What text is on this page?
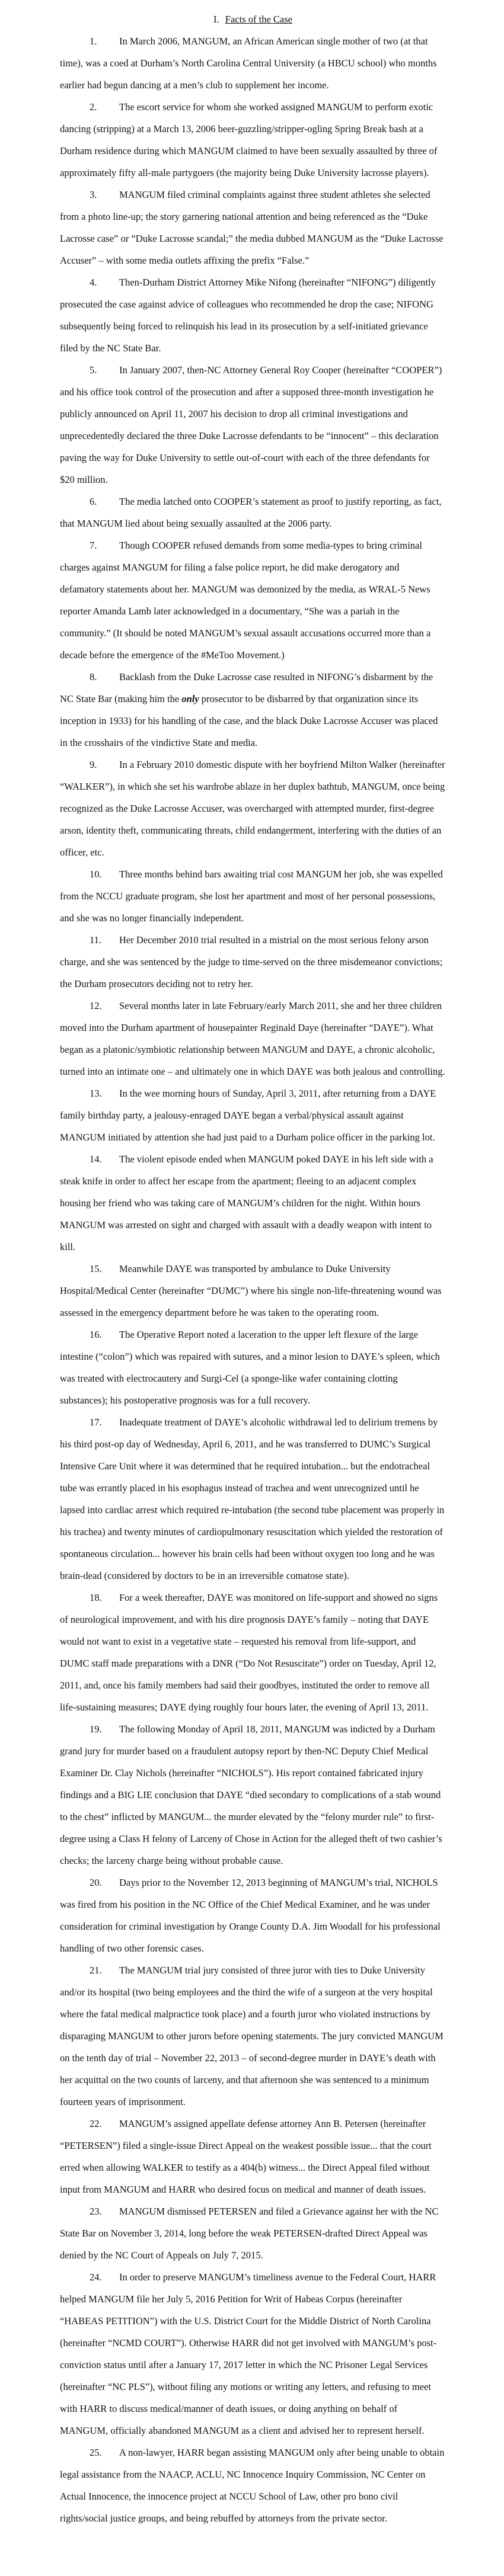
I. Facts of the Case

1. In March 2006, MANGUM, an African American single mother of two (at that time), was a coed at Durham’s North Carolina Central University (a HBCU school) who months earlier had begun dancing at a men’s club to supplement her income.

2. The escort service for whom she worked assigned MANGUM to perform exotic dancing (stripping) at a March 13, 2006 beer-guzzling/stripper-ogling Spring Break bash at a Durham residence during which MANGUM claimed to have been sexually assaulted by three of approximately fifty all-male partygoers (the majority being Duke University lacrosse players).

3. MANGUM filed criminal complaints against three student athletes she selected from a photo line-up; the story garnering national attention and being referenced as the “Duke Lacrosse case” or “Duke Lacrosse scandal;” the media dubbed MANGUM as the “Duke Lacrosse Accuser” – with some media outlets affixing the prefix “False.”

4. Then-Durham District Attorney Mike Nifong (hereinafter “NIFONG”) diligently prosecuted the case against advice of colleagues who recommended he drop the case; NIFONG subsequently being forced to relinquish his lead in its prosecution by a self-initiated grievance filed by the NC State Bar.

5. In January 2007, then-NC Attorney General Roy Cooper (hereinafter “COOPER”) and his office took control of the prosecution and after a supposed three-month investigation he publicly announced on April 11, 2007 his decision to drop all criminal investigations and unprecedentedly declared the three Duke Lacrosse defendants to be “innocent” – this declaration paving the way for Duke University to settle out-of-court with each of the three defendants for $20 million.

6. The media latched onto COOPER’s statement as proof to justify reporting, as fact, that MANGUM lied about being sexually assaulted at the 2006 party.

7. Though COOPER refused demands from some media-types to bring criminal charges against MANGUM for filing a false police report, he did make derogatory and defamatory statements about her. MANGUM was demonized by the media, as WRAL-5 News reporter Amanda Lamb later acknowledged in a documentary, “She was a pariah in the community.” (It should be noted MANGUM’s sexual assault accusations occurred more than a decade before the emergence of the #MeToo Movement.)

8. Backlash from the Duke Lacrosse case resulted in NIFONG’s disbarment by the NC State Bar (making him the only prosecutor to be disbarred by that organization since its inception in 1933) for his handling of the case, and the black Duke Lacrosse Accuser was placed in the crosshairs of the vindictive State and media.

9. In a February 2010 domestic dispute with her boyfriend Milton Walker (hereinafter “WALKER”), in which she set his wardrobe ablaze in her duplex bathtub, MANGUM, once being recognized as the Duke Lacrosse Accuser, was overcharged with attempted murder, first-degree arson, identity theft, communicating threats, child endangerment, interfering with the duties of an officer, etc.

10. Three months behind bars awaiting trial cost MANGUM her job, she was expelled from the NCCU graduate program, she lost her apartment and most of her personal possessions, and she was no longer financially independent.

11. Her December 2010 trial resulted in a mistrial on the most serious felony arson charge, and she was sentenced by the judge to time-served on the three misdemeanor convictions; the Durham prosecutors deciding not to retry her.

12. Several months later in late February/early March 2011, she and her three children moved into the Durham apartment of housepainter Reginald Daye (hereinafter “DAYE”). What began as a platonic/symbiotic relationship between MANGUM and DAYE, a chronic alcoholic, turned into an intimate one – and ultimately one in which DAYE was both jealous and controlling.

13. In the wee morning hours of Sunday, April 3, 2011, after returning from a DAYE family birthday party, a jealousy-enraged DAYE began a verbal/physical assault against MANGUM initiated by attention she had just paid to a Durham police officer in the parking lot.

14. The violent episode ended when MANGUM poked DAYE in his left side with a steak knife in order to affect her escape from the apartment; fleeing to an adjacent complex housing her friend who was taking care of MANGUM’s children for the night. Within hours MANGUM was arrested on sight and charged with assault with a deadly weapon with intent to kill.

15. Meanwhile DAYE was transported by ambulance to Duke University Hospital/Medical Center (hereinafter “DUMC”) where his single non-life-threatening wound was assessed in the emergency department before he was taken to the operating room.

16. The Operative Report noted a laceration to the upper left flexure of the large intestine (“colon”) which was repaired with sutures, and a minor lesion to DAYE’s spleen, which was treated with electrocautery and Surgi-Cel (a sponge-like wafer containing clotting substances); his postoperative prognosis was for a full recovery.

17. Inadequate treatment of DAYE’s alcoholic withdrawal led to delirium tremens by his third post-op day of Wednesday, April 6, 2011, and he was transferred to DUMC’s Surgical Intensive Care Unit where it was determined that he required intubation... but the endotracheal tube was errantly placed in his esophagus instead of trachea and went unrecognized until he lapsed into cardiac arrest which required re-intubation (the second tube placement was properly in his trachea) and twenty minutes of cardiopulmonary resuscitation which yielded the restoration of spontaneous circulation... however his brain cells had been without oxygen too long and he was brain-dead (considered by doctors to be in an irreversible comatose state).

18. For a week thereafter, DAYE was monitored on life-support and showed no signs of neurological improvement, and with his dire prognosis DAYE’s family – noting that DAYE would not want to exist in a vegetative state – requested his removal from life-support, and DUMC staff made preparations with a DNR (“Do Not Resuscitate”) order on Tuesday, April 12, 2011, and, once his family members had said their goodbyes, instituted the order to remove all life-sustaining measures; DAYE dying roughly four hours later, the evening of April 13, 2011.

19. The following Monday of April 18, 2011, MANGUM was indicted by a Durham grand jury for murder based on a fraudulent autopsy report by then-NC Deputy Chief Medical Examiner Dr. Clay Nichols (hereinafter “NICHOLS”). His report contained fabricated injury findings and a BIG LIE conclusion that DAYE “died secondary to complications of a stab wound to the chest” inflicted by MANGUM... the murder elevated by the “felony murder rule” to first-degree using a Class H felony of Larceny of Chose in Action for the alleged theft of two cashier’s checks; the larceny charge being without probable cause.

20. Days prior to the November 12, 2013 beginning of MANGUM’s trial, NICHOLS was fired from his position in the NC Office of the Chief Medical Examiner, and he was under consideration for criminal investigation by Orange County D.A. Jim Woodall for his professional handling of two other forensic cases.

21. The MANGUM trial jury consisted of three juror with ties to Duke University and/or its hospital (two being employees and the third the wife of a surgeon at the very hospital where the fatal medical malpractice took place) and a fourth juror who violated instructions by disparaging MANGUM to other jurors before opening statements. The jury convicted MANGUM on the tenth day of trial – November 22, 2013 – of second-degree murder in DAYE’s death with her acquittal on the two counts of larceny, and that afternoon she was sentenced to a minimum fourteen years of imprisonment.

22. MANGUM’s assigned appellate defense attorney Ann B. Petersen (hereinafter “PETERSEN”) filed a single-issue Direct Appeal on the weakest possible issue... that the court erred when allowing WALKER to testify as a 404(b) witness... the Direct Appeal filed without input from MANGUM and HARR who desired focus on medical and manner of death issues.

23. MANGUM dismissed PETERSEN and filed a Grievance against her with the NC State Bar on November 3, 2014, long before the weak PETERSEN-drafted Direct Appeal was denied by the NC Court of Appeals on July 7, 2015.

24. In order to preserve MANGUM’s timeliness avenue to the Federal Court, HARR helped MANGUM file her July 5, 2016 Petition for Writ of Habeas Corpus (hereinafter “HABEAS PETITION”) with the U.S. District Court for the Middle District of North Carolina (hereinafter “NCMD COURT”). Otherwise HARR did not get involved with MANGUM’s post-conviction status until after a January 17, 2017 letter in which the NC Prisoner Legal Services (hereinafter “NC PLS”), without filing any motions or writing any letters, and refusing to meet with HARR to discuss medical/manner of death issues, or doing anything on behalf of MANGUM, officially abandoned MANGUM as a client and advised her to represent herself.

25. A non-lawyer, HARR began assisting MANGUM only after being unable to obtain legal assistance from the NAACP, ACLU, NC Innocence Inquiry Commission, NC Center on Actual Innocence, the innocence project at NCCU School of Law, other pro bono civil rights/social justice groups, and being rebuffed by attorneys from the private sector.
